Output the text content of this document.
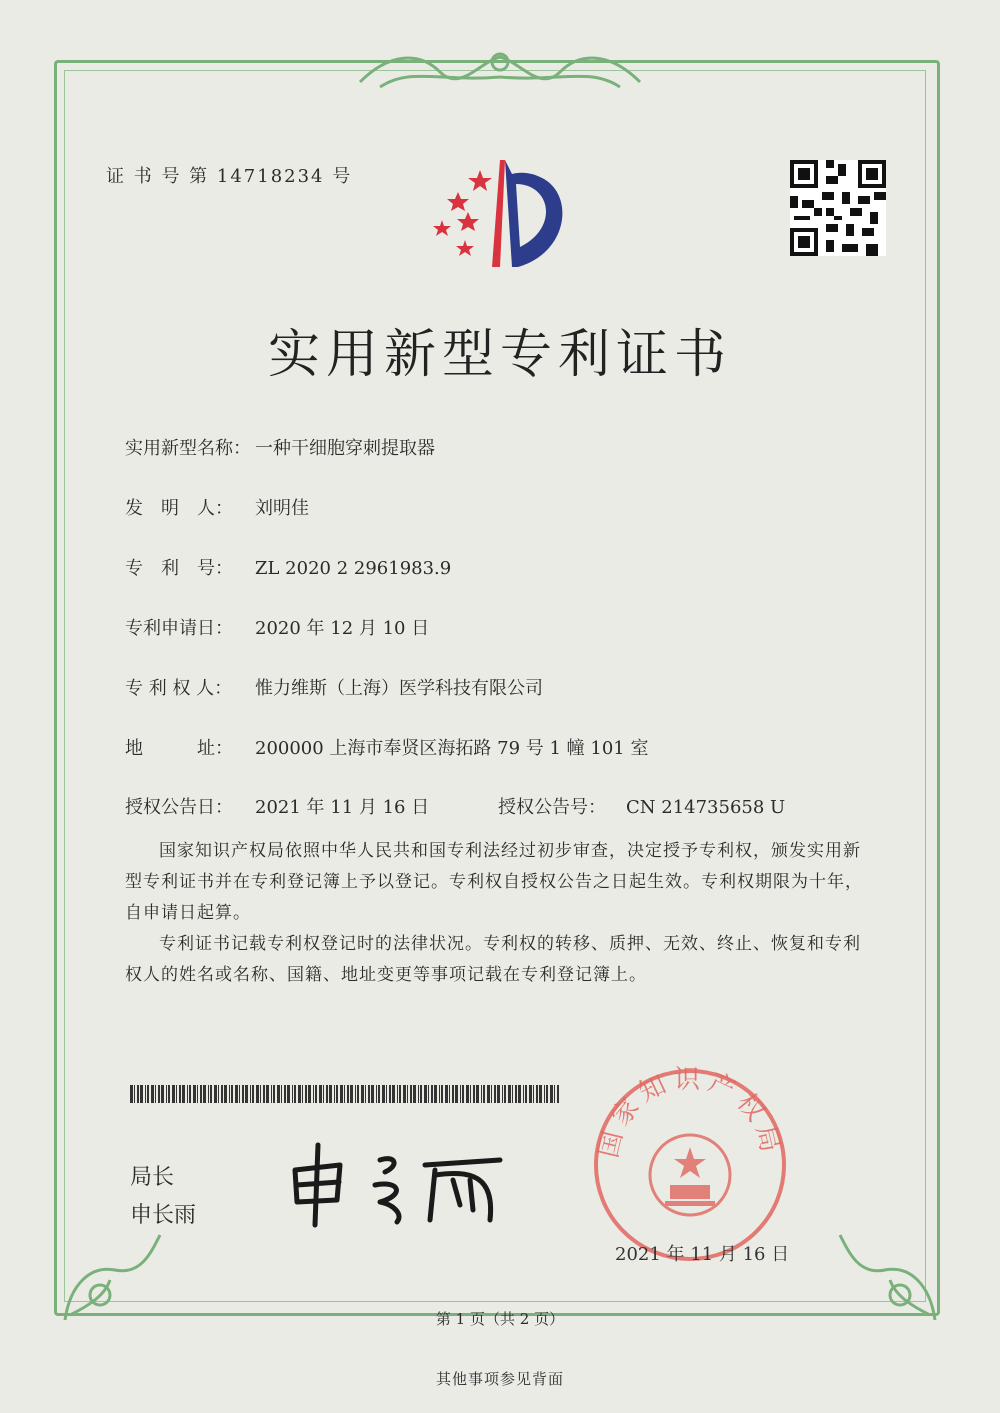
证 书 号 第 14718234 号
实用新型专利证书
实用新型名称： 一种干细胞穿刺提取器
发　明　人： 刘明佳
专　利　号： ZL 2020 2 2961983.9
专利申请日： 2020 年 12 月 10 日
专 利 权 人： 惟力维斯（上海）医学科技有限公司
地　　　址： 200000 上海市奉贤区海拓路 79 号 1 幢 101 室
授权公告日： 2021 年 11 月 16 日	授权公告号： CN 214735658 U

国家知识产权局依照中华人民共和国专利法经过初步审查，决定授予专利权，颁发实用新型专利证书并在专利登记簿上予以登记。专利权自授权公告之日起生效。专利权期限为十年，自申请日起算。

专利证书记载专利权登记时的法律状况。专利权的转移、质押、无效、终止、恢复和专利权人的姓名或名称、国籍、地址变更等事项记载在专利登记簿上。

局长
申长雨
国家知识产权局
2021 年 11 月 16 日
第 1 页（共 2 页）
其他事项参见背面
